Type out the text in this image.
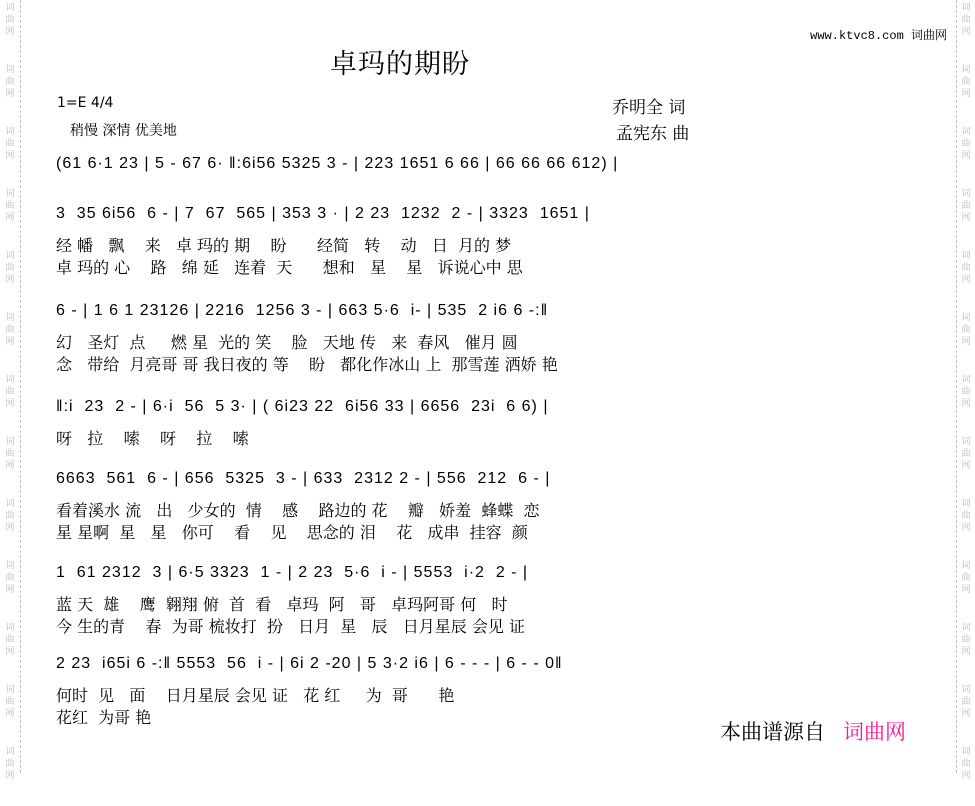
词
曲
网
词
曲
网
词
曲
网
词
曲
网
词
曲
网
词
曲
网
词
曲
网
词
曲
网
词
曲
网
词
曲
网
词
曲
网
词
曲
网
词
曲
网
词
曲
网
词
曲
网
词
曲
网
词
曲
网
词
曲
网
词
曲
网
词
曲
网
词
曲
网
词
曲
网
词
曲
网
词
曲
网
词
曲
网
词
曲
网
www.ktvc8.com 词曲网
卓玛的期盼
1=E 4/4
稍慢 深情 优美地
乔明全 词
孟宪东 曲
(61 6·1 23 | 5 - 67 6· ‖:6i56 5325 3 - | 223 1651 6 66 | 66 66 66 612) |
3  35 6i56  6 - | 7  67  565 | 353 3 · | 2 23  1232  2 - | 3323  1651 |
经 幡   飘    来   卓 玛的 期    盼      经简   转    动   日  月的 梦
卓 玛的 心    路   绵 延   连着  天      想和   星    星   诉说心中 思
6 - | 1 6 1 23126 | 2216  1256 3 - | 663 5·6  i- | 535  2 i6 6 -:‖
幻   圣灯  点     燃 星  光的 笑    脸   天地 传   来  春风   催月 圆
念   带给  月亮哥 哥 我日夜的 等    盼   都化作冰山 上  那雪莲 洒娇 艳
‖:i  23  2 - | 6·i  56  5 3· | ( 6i23 22  6i56 33 | 6656  23i  6 6) |
呀   拉    嗦    呀    拉    嗦
6663  561  6 - | 656  5325  3 - | 633  2312 2 - | 556  212  6 - |
看着溪水 流   出   少女的  情    感    路边的 花    瓣   娇羞  蜂蝶  恋
星 星啊  星   星   你可    看    见    思念的 泪    花   成串  挂容  颜
1  61 2312  3 | 6·5 3323  1 - | 2 23  5·6  i - | 5553  i·2  2 - |
蓝 天  雄    鹰  翱翔 俯  首  看   卓玛  阿   哥   卓玛阿哥 何   时
今 生的青    春  为哥 梳妆打  扮   日月  星   辰   日月星辰 会见 证
2 23  i65i 6 -:‖ 5553  56  i - | 6i 2 -20 | 5 3·2 i6 | 6 - - - | 6 - - 0‖
何时  见   面    日月星辰 会见 证   花 红     为  哥      艳
花红  为哥 艳
本曲谱源自 词曲网
